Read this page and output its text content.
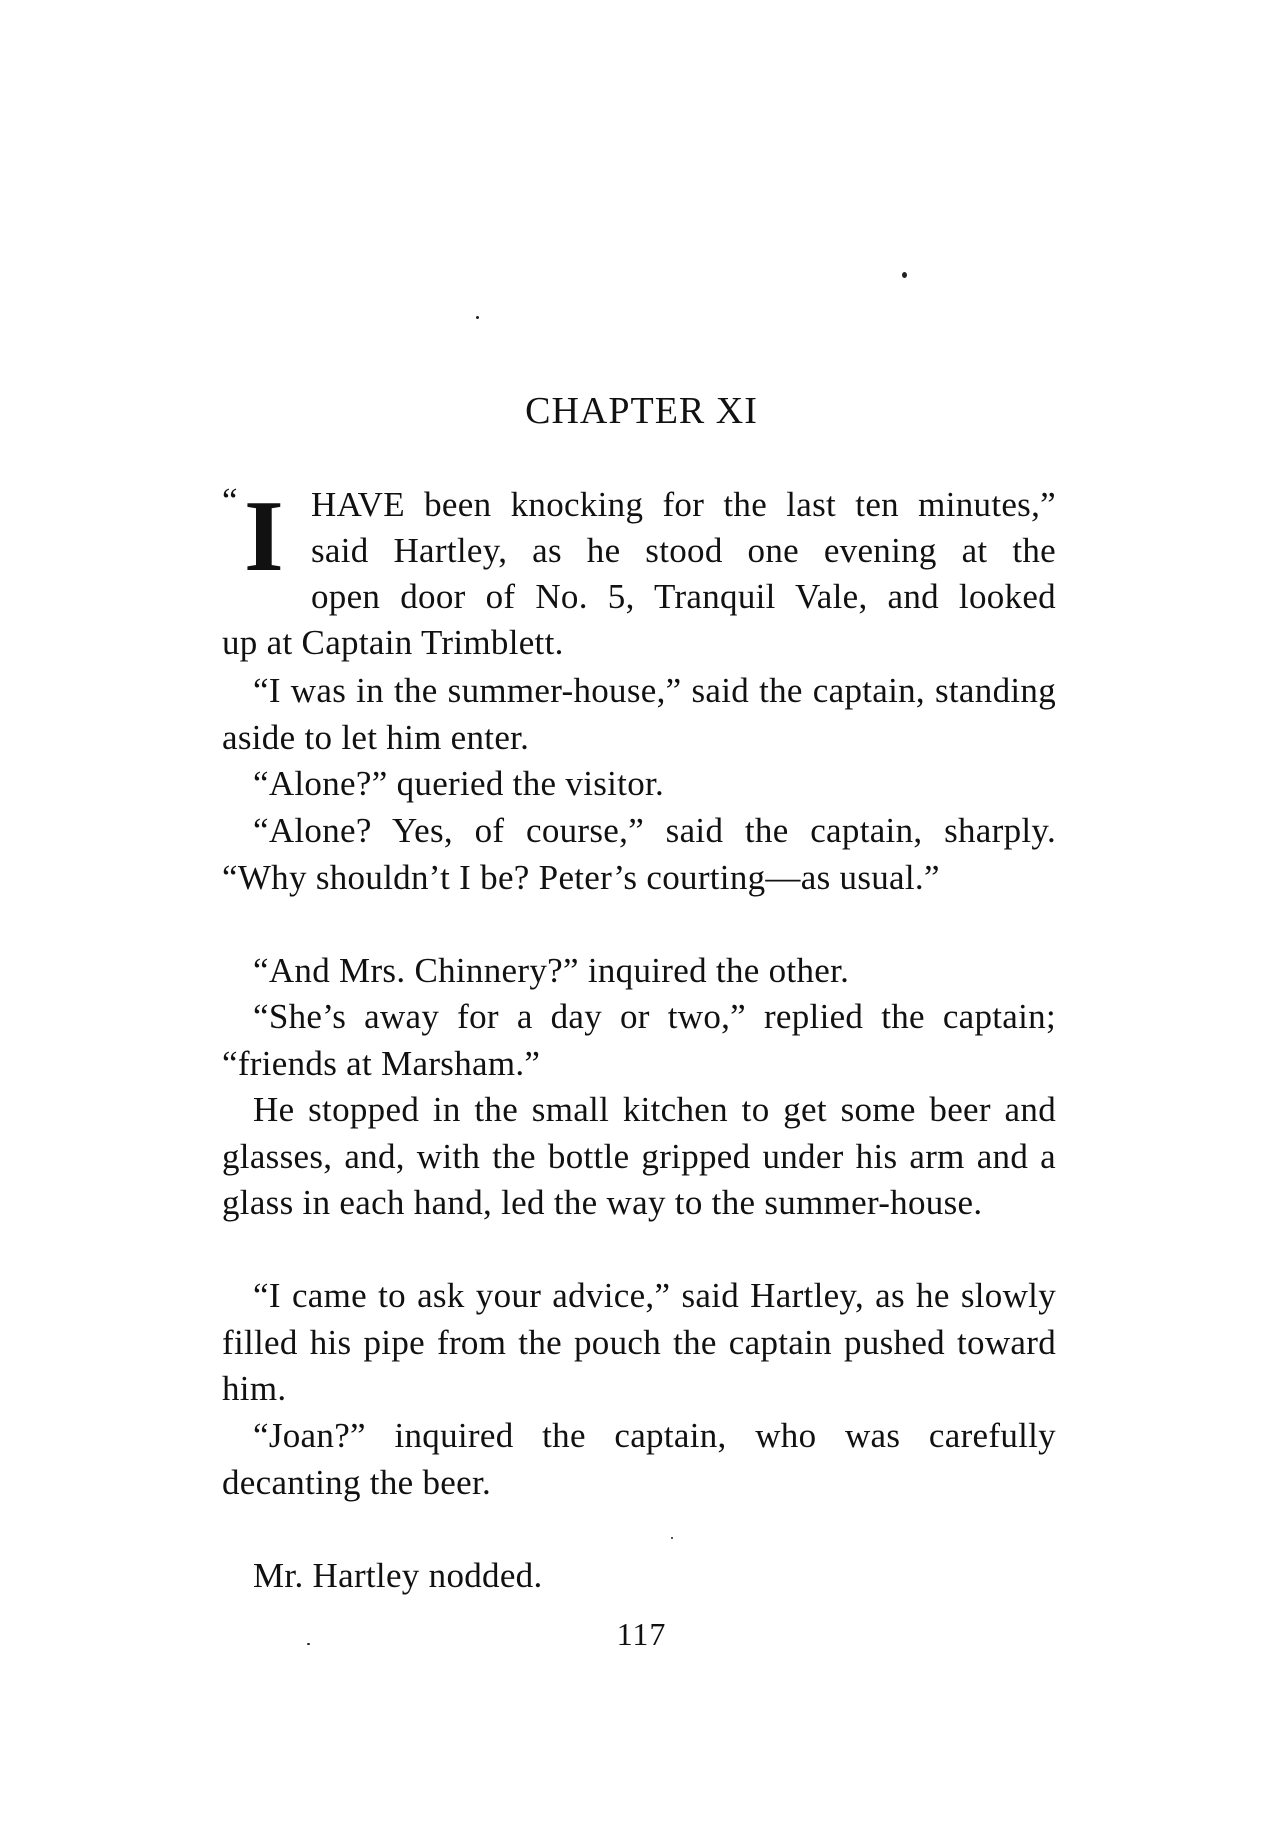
CHAPTER XI
“ I HAVE been knocking for the last ten minutes,”

said Hartley, as he stood one evening at the

open door of No. 5, Tranquil Vale, and looked

up at Captain Trimblett.

“I was in the summer-house,” said the captain, standing aside to let him enter.

“Alone?” queried the visitor.

“Alone? Yes, of course,” said the captain, sharply. “Why shouldn’t I be? Peter’s courting—as usual.”

“And Mrs. Chinnery?” inquired the other.

“She’s away for a day or two,” replied the captain; “friends at Marsham.”

He stopped in the small kitchen to get some beer and glasses, and, with the bottle gripped under his arm and a glass in each hand, led the way to the summer-house.

“I came to ask your advice,” said Hartley, as he slowly filled his pipe from the pouch the captain pushed toward him.

“Joan?” inquired the captain, who was carefully decanting the beer.

Mr. Hartley nodded.

117
